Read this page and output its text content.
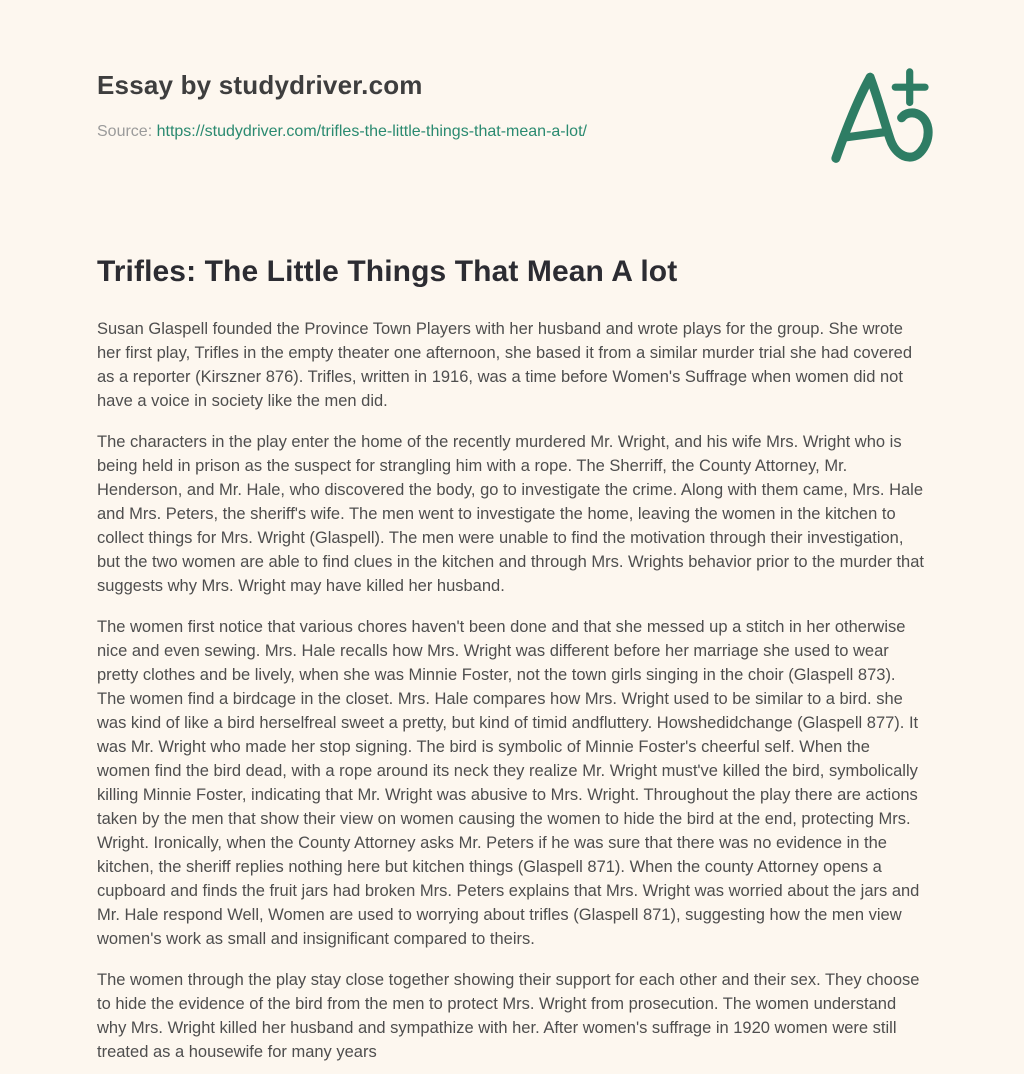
Essay by studydriver.com
Source: https://studydriver.com/trifles-the-little-things-that-mean-a-lot/
Trifles: The Little Things That Mean A lot

Susan Glaspell founded the Province Town Players with her husband and wrote plays for the group. She wrote her first play, Trifles in the empty theater one afternoon, she based it from a similar murder trial she had covered as a reporter (Kirszner 876). Trifles, written in 1916, was a time before Women's Suffrage when women did not have a voice in society like the men did.

The characters in the play enter the home of the recently murdered Mr. Wright, and his wife Mrs. Wright who is being held in prison as the suspect for strangling him with a rope. The Sherriff, the County Attorney, Mr. Henderson, and Mr. Hale, who discovered the body, go to investigate the crime. Along with them came, Mrs. Hale and Mrs. Peters, the sheriff's wife. The men went to investigate the home, leaving the women in the kitchen to collect things for Mrs. Wright (Glaspell). The men were unable to find the motivation through their investigation, but the two women are able to find clues in the kitchen and through Mrs. Wrights behavior prior to the murder that suggests why Mrs. Wright may have killed her husband.

The women first notice that various chores haven't been done and that she messed up a stitch in her otherwise nice and even sewing. Mrs. Hale recalls how Mrs. Wright was different before her marriage she used to wear pretty clothes and be lively, when she was Minnie Foster, not the town girls singing in the choir (Glaspell 873). The women find a birdcage in the closet. Mrs. Hale compares how Mrs. Wright used to be similar to a bird. she was kind of like a bird herselfreal sweet a pretty, but kind of timid andfluttery. Howshedidchange (Glaspell 877). It was Mr. Wright who made her stop signing. The bird is symbolic of Minnie Foster's cheerful self. When the women find the bird dead, with a rope around its neck they realize Mr. Wright must've killed the bird, symbolically killing Minnie Foster, indicating that Mr. Wright was abusive to Mrs. Wright. Throughout the play there are actions taken by the men that show their view on women causing the women to hide the bird at the end, protecting Mrs. Wright. Ironically, when the County Attorney asks Mr. Peters if he was sure that there was no evidence in the kitchen, the sheriff replies nothing here but kitchen things (Glaspell 871). When the county Attorney opens a cupboard and finds the fruit jars had broken Mrs. Peters explains that Mrs. Wright was worried about the jars and Mr. Hale respond Well, Women are used to worrying about trifles (Glaspell 871), suggesting how the men view women's work as small and insignificant compared to theirs.

The women through the play stay close together showing their support for each other and their sex. They choose to hide the evidence of the bird from the men to protect Mrs. Wright from prosecution. The women understand why Mrs. Wright killed her husband and sympathize with her. After women's suffrage in 1920 women were still treated as a housewife for many years
